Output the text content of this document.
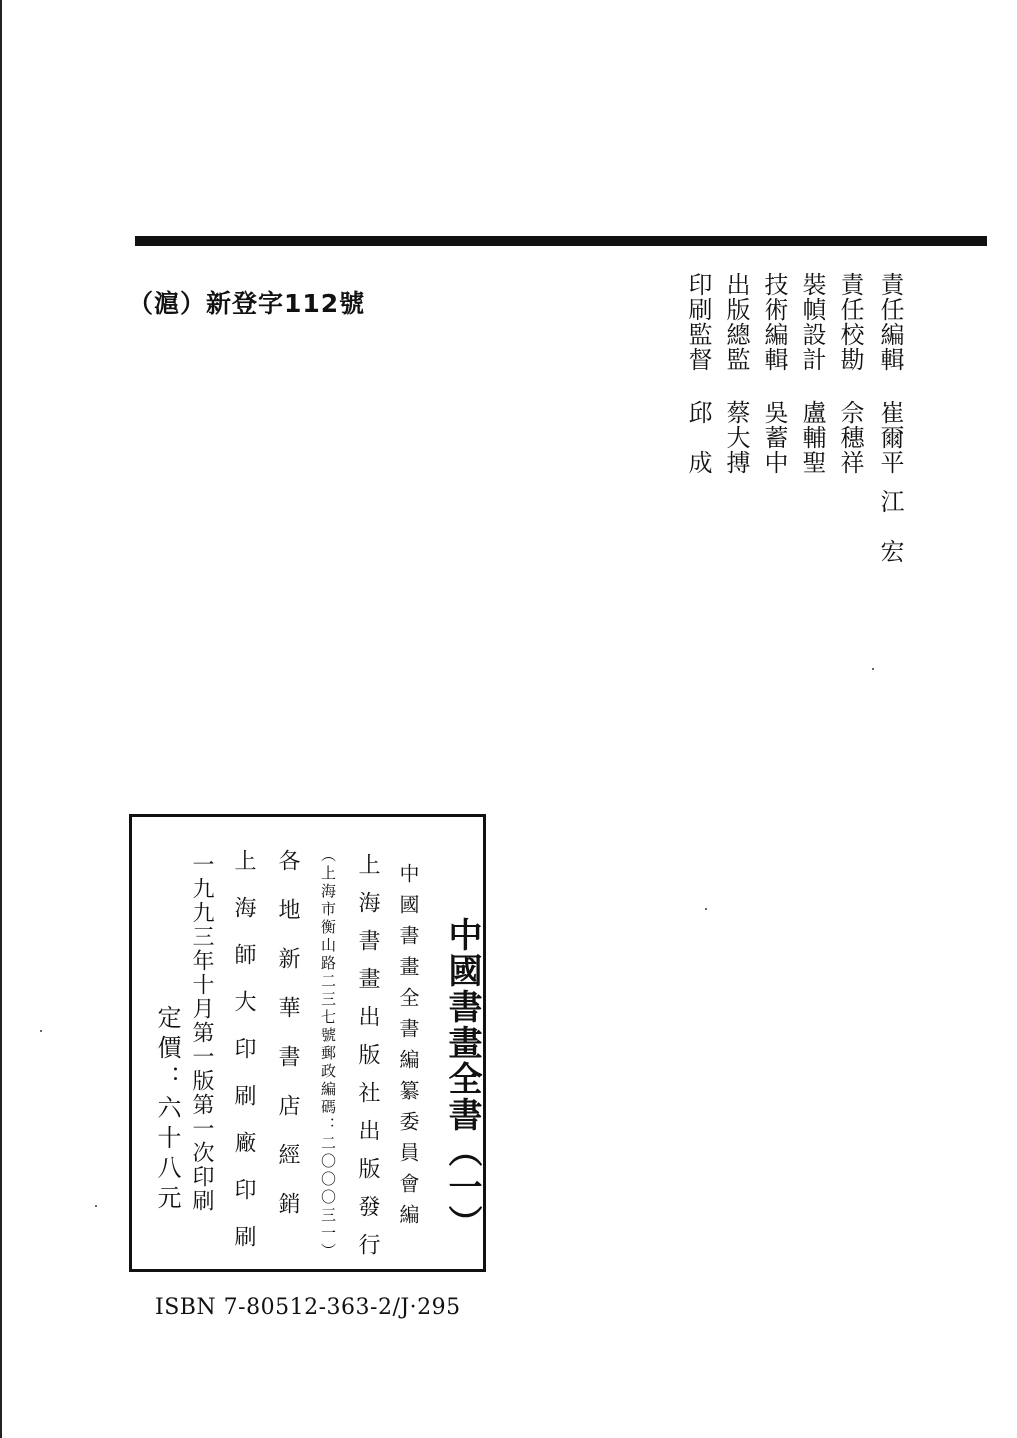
（滬）新登字112號	責任編輯
崔爾平
江　宏
責任校勘
佘穗祥
裝幀設計
盧輔聖
技術編輯
吳蓄中
出版總監
蔡大搏
印刷監督
邱　成
中國書畫全書（一）
中國書畫全書編纂委員會編
上海書畫出版社出版發行
（上海市衡山路二三七號郵政編碼：二〇〇〇三一）
各地新華書店經銷
上海師大印刷廠印刷
一九九三年十月第一版第一次印刷
定價：六十八元
ISBN 7-80512-363-2/J·295
